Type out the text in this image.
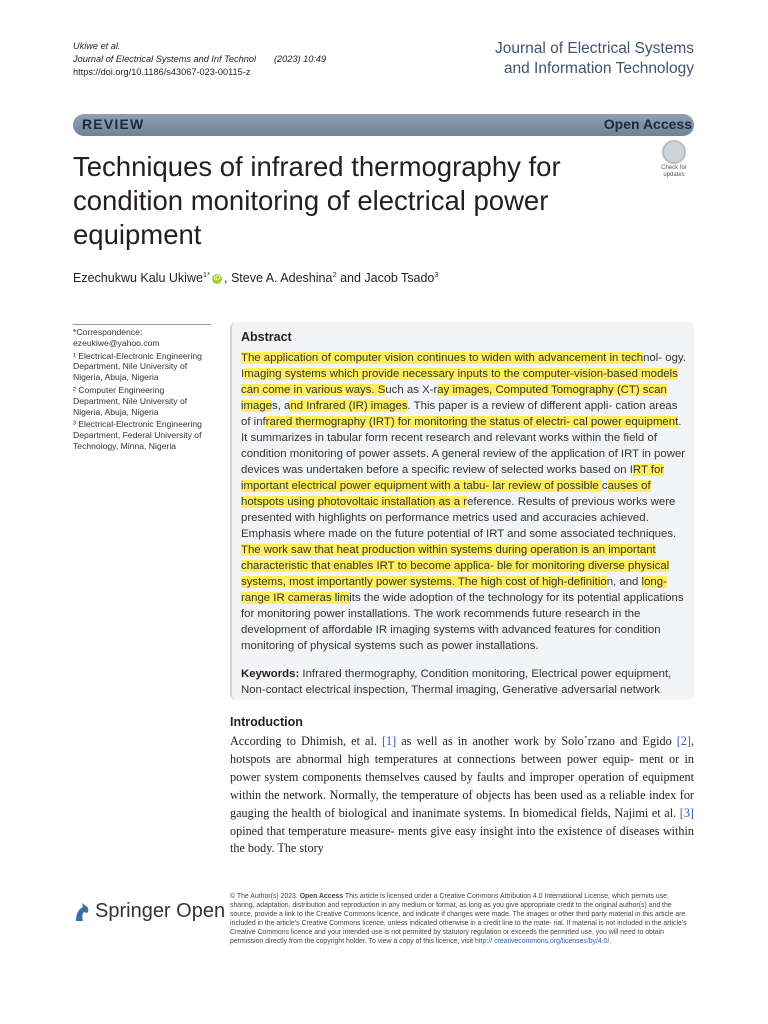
Ukiwe et al.
Journal of Electrical Systems and Inf Technol (2023) 10:49
https://doi.org/10.1186/s43067-023-00115-z
Journal of Electrical Systems
and Information Technology
REVIEW	Open Access
Techniques of infrared thermography for condition monitoring of electrical power equipment
Check for
updates
Ezechukwu Kalu Ukiwe$^{1*}$ iD , Steve A. Adeshina$^2$ and Jacob Tsado$^3$

*Correspondence:

ezeukiwe@yahoo.com

¹ Electrical-Electronic Engineering Department, Nile University of Nigeria, Abuja, Nigeria

² Computer Engineering Department, Nile University of Nigeria, Abuja, Nigeria

³ Electrical-Electronic Engineering Department, Federal University of Technology, Minna, Nigeria

Abstract
The application of computer vision continues to widen with advancement in technol- ogy. Imaging systems which provide necessary inputs to the computer-vision-based models can come in various ways. Such as X-ray images, Computed Tomography (CT) scan images, and Infrared (IR) images. This paper is a review of different appli- cation areas of infrared thermography (IRT) for monitoring the status of electri- cal power equipment. It summarizes in tabular form recent research and relevant works within the field of condition monitoring of power assets. A general review of the application of IRT in power devices was undertaken before a specific review of selected works based on IRT for important electrical power equipment with a tabu- lar review of possible causes of hotspots using photovoltaic installation as a reference. Results of previous works were presented with highlights on performance metrics used and accuracies achieved. Emphasis where made on the future potential of IRT and some associated techniques. The work saw that heat production within systems during operation is an important characteristic that enables IRT to become applica- ble for monitoring diverse physical systems, most importantly power systems. The high cost of high-definition, and long-range IR cameras limits the wide adoption of the technology for its potential applications for monitoring power installations. The work recommends future research in the development of affordable IR imaging systems with advanced features for condition monitoring of physical systems such as power installations.
Keywords: Infrared thermography, Condition monitoring, Electrical power equipment, Non-contact electrical inspection, Thermal imaging, Generative adversarial network
Introduction
According to Dhimish, et al. [1] as well as in another work by Solo´rzano and Egido [2], hotspots are abnormal high temperatures at connections between power equip- ment or in power system components themselves caused by faults and improper operation of equipment within the network. Normally, the temperature of objects has been used as a reliable index for gauging the health of biological and inanimate systems. In biomedical fields, Najimi et al. [3] opined that temperature measure- ments give easy insight into the existence of diseases within the body. The story
Springer Open
© The Author(s) 2023. Open Access This article is licensed under a Creative Commons Attribution 4.0 International License, which permits use, sharing, adaptation, distribution and reproduction in any medium or format, as long as you give appropriate credit to the original author(s) and the source, provide a link to the Creative Commons licence, and indicate if changes were made. The images or other third party material in this article are included in the article’s Creative Commons licence, unless indicated otherwise in a credit line to the mate- rial. If material is not included in the article’s Creative Commons licence and your intended use is not permitted by statutory regulation or exceeds the permitted use, you will need to obtain permission directly from the copyright holder. To view a copy of this licence, visit http:// creativecommons.org/licenses/by/4.0/.
